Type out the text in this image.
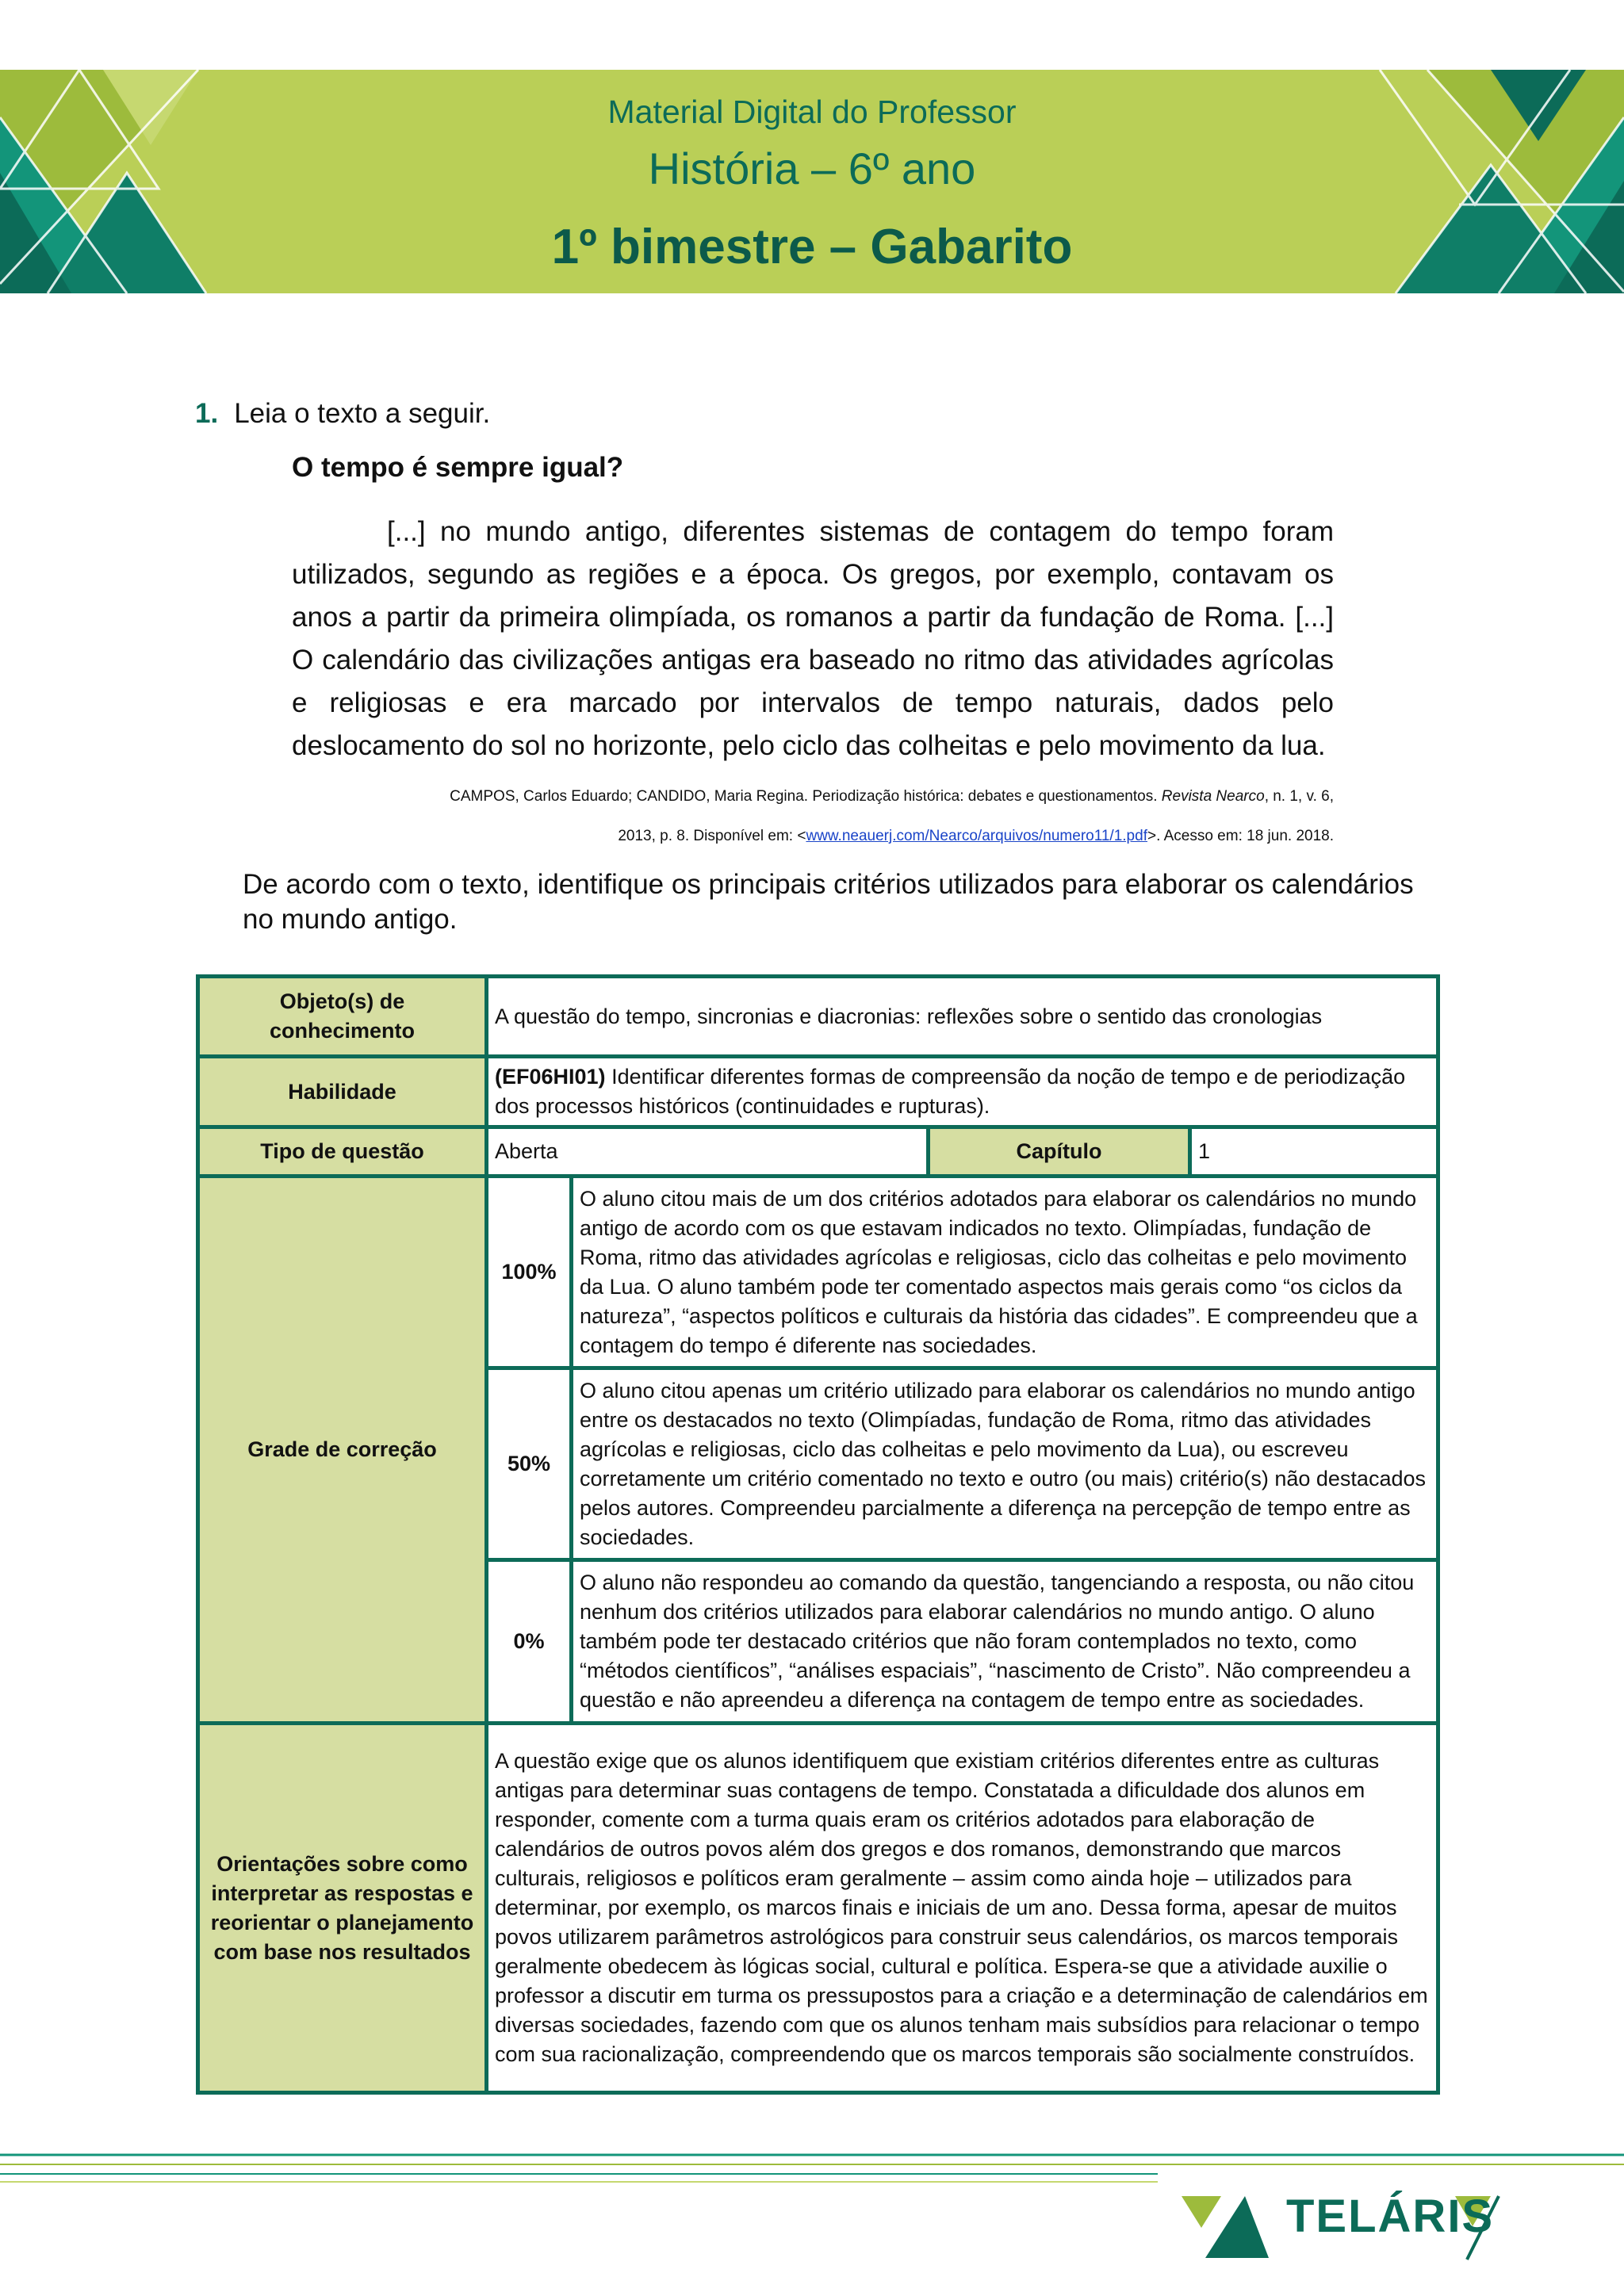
Material Digital do Professor
História – 6º ano
1º bimestre – Gabarito
1. Leia o texto a seguir.
O tempo é sempre igual?
[...] no mundo antigo, diferentes sistemas de contagem do tempo foram utilizados, segundo as regiões e a época. Os gregos, por exemplo, contavam os anos a partir da primeira olimpíada, os romanos a partir da fundação de Roma. [...] O calendário das civilizações antigas era baseado no ritmo das atividades agrícolas e religiosas e era marcado por intervalos de tempo naturais, dados pelo deslocamento do sol no horizonte, pelo ciclo das colheitas e pelo movimento da lua.
CAMPOS, Carlos Eduardo; CANDIDO, Maria Regina. Periodização histórica: debates e questionamentos. Revista Nearco, n. 1, v. 6,
2013, p. 8. Disponível em: <www.neauerj.com/Nearco/arquivos/numero11/1.pdf>. Acesso em: 18 jun. 2018.
De acordo com o texto, identifique os principais critérios utilizados para elaborar os calendários no mundo antigo.
Objeto(s) de conhecimento	A questão do tempo, sincronias e diacronias: reflexões sobre o sentido das cronologias			
Habilidade	(EF06HI01) Identificar diferentes formas de compreensão da noção de tempo e de periodização dos processos históricos (continuidades e rupturas).			
Tipo de questão	Aberta		Capítulo	1
Grade de correção	100%	O aluno citou mais de um dos critérios adotados para elaborar os calendários no mundo antigo de acordo com os que estavam indicados no texto. Olimpíadas, fundação de Roma, ritmo das atividades agrícolas e religiosas, ciclo das colheitas e pelo movimento da Lua. O aluno também pode ter comentado aspectos mais gerais como “os ciclos da natureza”, “aspectos políticos e culturais da história das cidades”. E compreendeu que a contagem do tempo é diferente nas sociedades.		
	50%	O aluno citou apenas um critério utilizado para elaborar os calendários no mundo antigo entre os destacados no texto (Olimpíadas, fundação de Roma, ritmo das atividades agrícolas e religiosas, ciclo das colheitas e pelo movimento da Lua), ou escreveu corretamente um critério comentado no texto e outro (ou mais) critério(s) não destacados pelos autores. Compreendeu parcialmente a diferença na percepção de tempo entre as sociedades.		
	0%	O aluno não respondeu ao comando da questão, tangenciando a resposta, ou não citou nenhum dos critérios utilizados para elaborar calendários no mundo antigo. O aluno também pode ter destacado critérios que não foram contemplados no texto, como “métodos científicos”, “análises espaciais”, “nascimento de Cristo”. Não compreendeu a questão e não apreendeu a diferença na contagem de tempo entre as sociedades.		
Orientações sobre como interpretar as respostas e reorientar o planejamento com base nos resultados	A questão exige que os alunos identifiquem que existiam critérios diferentes entre as culturas antigas para determinar suas contagens de tempo. Constatada a dificuldade dos alunos em responder, comente com a turma quais eram os critérios adotados para elaboração de calendários de outros povos além dos gregos e dos romanos, demonstrando que marcos culturais, religiosos e políticos eram geralmente – assim como ainda hoje – utilizados para determinar, por exemplo, os marcos finais e iniciais de um ano. Dessa forma, apesar de muitos povos utilizarem parâmetros astrológicos para construir seus calendários, os marcos temporais geralmente obedecem às lógicas social, cultural e política. Espera-se que a atividade auxilie o professor a discutir em turma os pressupostos para a criação e a determinação de calendários em diversas sociedades, fazendo com que os alunos tenham mais subsídios para relacionar o tempo com sua racionalização, compreendendo que os marcos temporais são socialmente construídos.			
TELÁRIS
